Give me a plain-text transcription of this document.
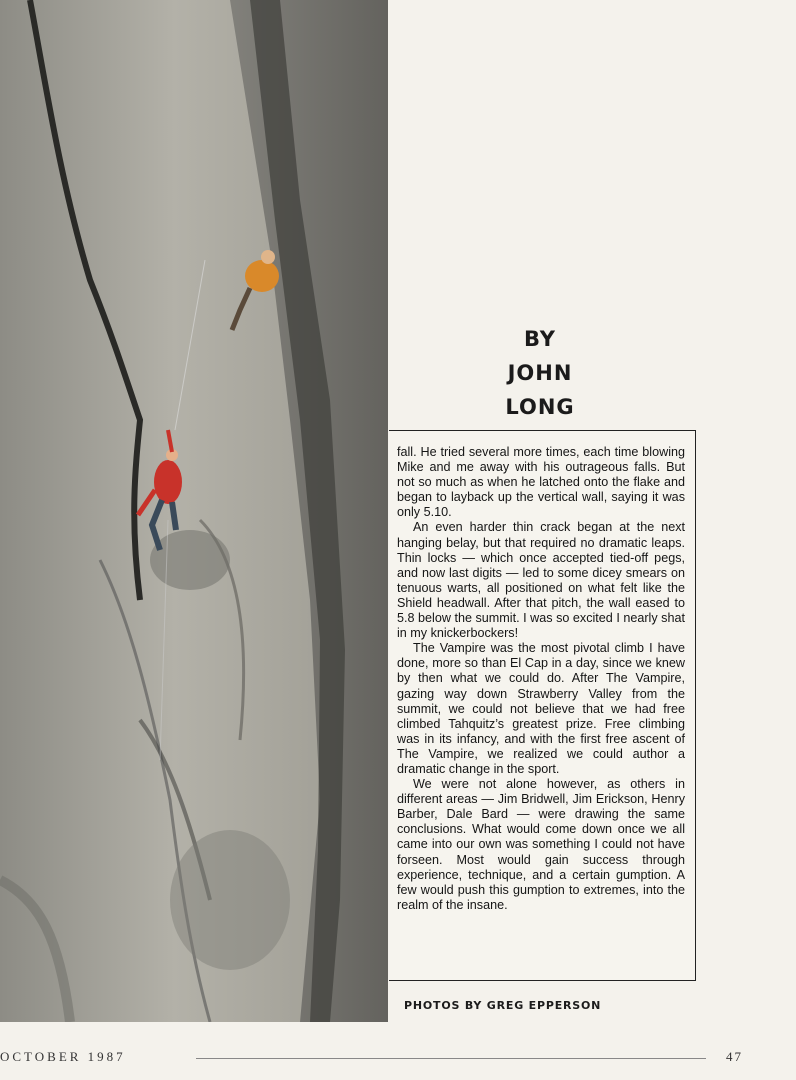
BY
JOHN
LONG

fall. He tried several more times, each time blowing Mike and me away with his outrageous falls. But not so much as when he latched onto the flake and began to layback up the vertical wall, saying it was only 5.10.

An even harder thin crack began at the next hanging belay, but that required no dramatic leaps. Thin locks — which once accepted tied-off pegs, and now last digits — led to some dicey smears on tenuous warts, all positioned on what felt like the Shield headwall. After that pitch, the wall eased to 5.8 below the summit. I was so excited I nearly shat in my knickerbockers!

The Vampire was the most pivotal climb I have done, more so than El Cap in a day, since we knew by then what we could do. After The Vampire, gazing way down Strawberry Valley from the summit, we could not believe that we had free climbed Tahquitz’s greatest prize. Free climbing was in its infancy, and with the first free ascent of The Vampire, we realized we could author a dramatic change in the sport.

We were not alone however, as others in different areas — Jim Bridwell, Jim Erickson, Henry Barber, Dale Bard — were drawing the same conclusions. What would come down once we all came into our own was something I could not have forseen. Most would gain success through experience, technique, and a certain gumption. A few would push this gumption to extremes, into the realm of the insane.

PHOTOS BY GREG EPPERSON
OCTOBER 1987	47
